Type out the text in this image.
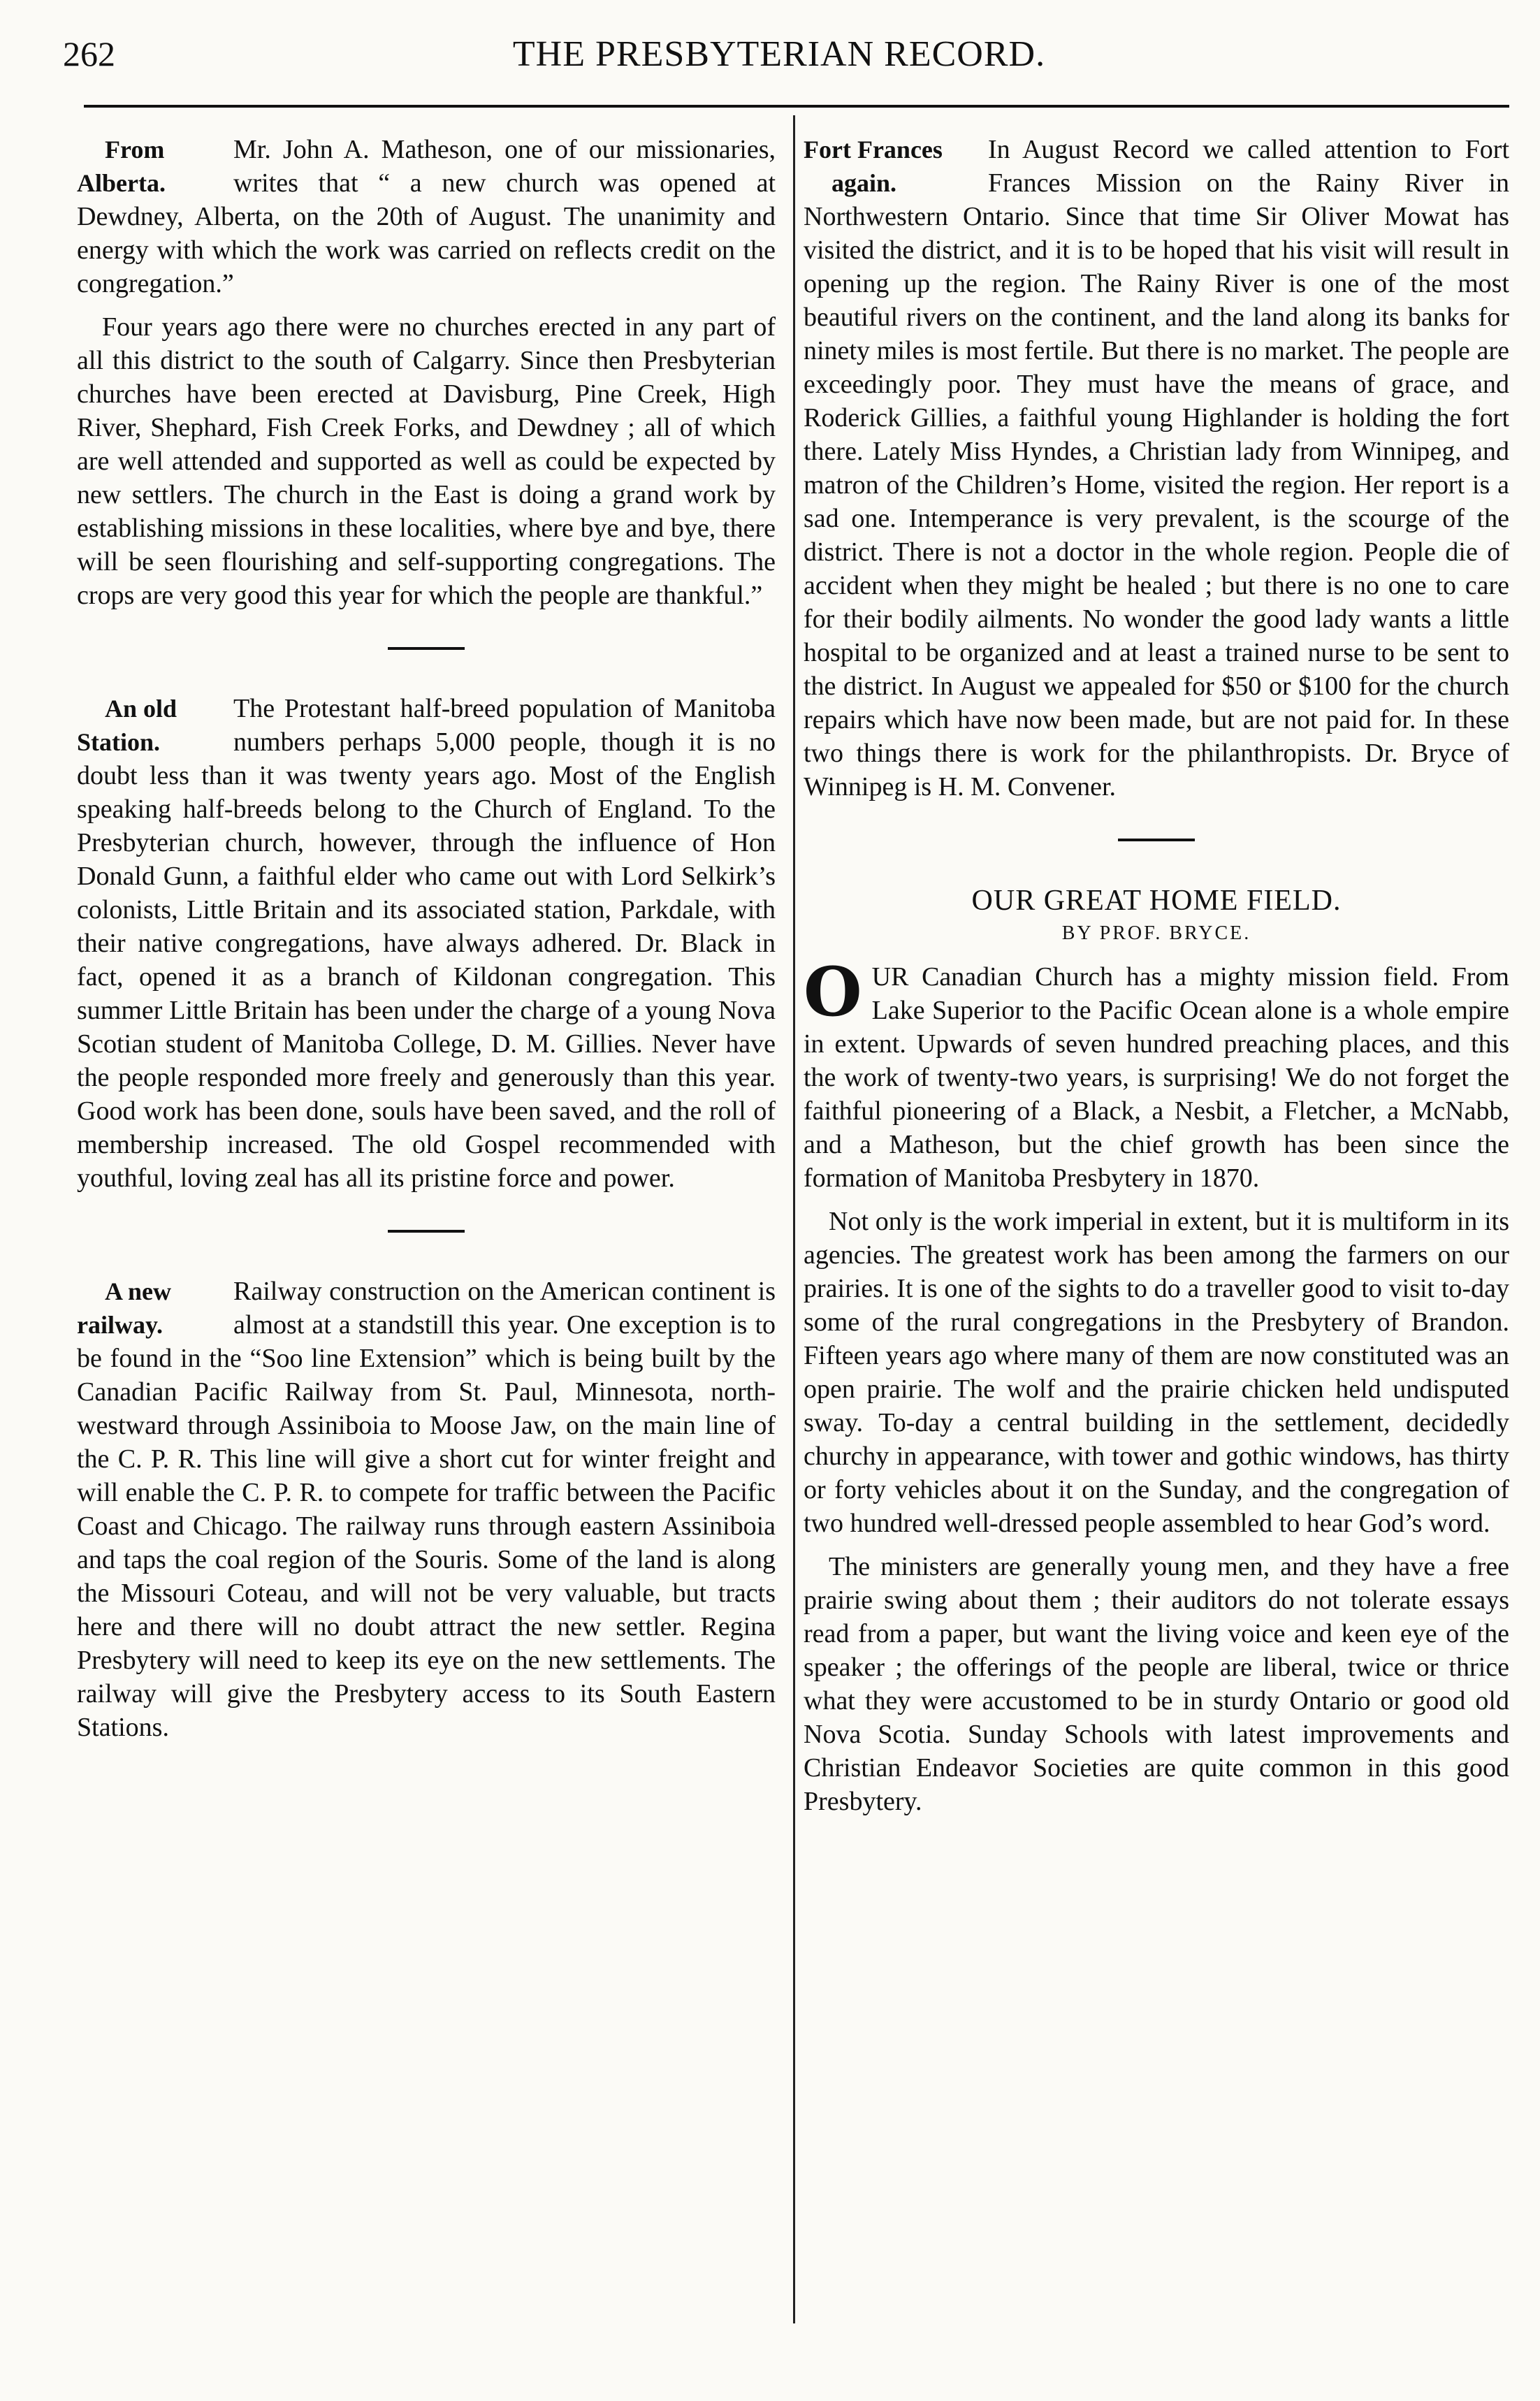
262	THE PRESBYTERIAN RECORD.
From
Alberta.

Mr. John A. Matheson, one of our missionaries, writes that “ a new church was opened at Dewdney, Alberta, on the 20th of August. The unanimity and energy with which the work was carried on reflects credit on the congregation.”

Four years ago there were no churches erected in any part of all this district to the south of Calgarry. Since then Presbyterian churches have been erected at Davisburg, Pine Creek, High River, Shephard, Fish Creek Forks, and Dewdney ; all of which are well attended and supported as well as could be expected by new settlers. The church in the East is doing a grand work by establishing missions in these localities, where bye and bye, there will be seen flourishing and self-supporting congregations. The crops are very good this year for which the people are thankful.”

An old
Station.

The Protestant half-breed population of Manitoba numbers perhaps 5,000 people, though it is no doubt less than it was twenty years ago. Most of the English speaking half-breeds belong to the Church of England. To the Presbyterian church, however, through the influence of Hon Donald Gunn, a faithful elder who came out with Lord Selkirk’s colonists, Little Britain and its associated station, Parkdale, with their native congregations, have always adhered. Dr. Black in fact, opened it as a branch of Kildonan congregation. This summer Little Britain has been under the charge of a young Nova Scotian student of Manitoba College, D. M. Gillies. Never have the people responded more freely and generously than this year. Good work has been done, souls have been saved, and the roll of membership increased. The old Gospel recommended with youthful, loving zeal has all its pristine force and power.

A new
railway.

Railway construction on the American continent is almost at a standstill this year. One exception is to be found in the “Soo line Extension” which is being built by the Canadian Pacific Railway from St. Paul, Minnesota, north-westward through Assiniboia to Moose Jaw, on the main line of the C. P. R. This line will give a short cut for winter freight and will enable the C. P. R. to compete for traffic between the Pacific Coast and Chicago. The railway runs through eastern Assiniboia and taps the coal region of the Souris. Some of the land is along the Missouri Coteau, and will not be very valuable, but tracts here and there will no doubt attract the new settler. Regina Presbytery will need to keep its eye on the new settlements. The railway will give the Presbytery access to its South Eastern Stations.

Fort Frances
again.

In August Record we called attention to Fort Frances Mission on the Rainy River in Northwestern Ontario. Since that time Sir Oliver Mowat has visited the district, and it is to be hoped that his visit will result in opening up the region. The Rainy River is one of the most beautiful rivers on the continent, and the land along its banks for ninety miles is most fertile. But there is no market. The people are exceedingly poor. They must have the means of grace, and Roderick Gillies, a faithful young Highlander is holding the fort there. Lately Miss Hyndes, a Christian lady from Winnipeg, and matron of the Children’s Home, visited the region. Her report is a sad one. Intemperance is very prevalent, is the scourge of the district. There is not a doctor in the whole region. People die of accident when they might be healed ; but there is no one to care for their bodily ailments. No wonder the good lady wants a little hospital to be organized and at least a trained nurse to be sent to the district. In August we appealed for $50 or $100 for the church repairs which have now been made, but are not paid for. In these two things there is work for the philanthropists. Dr. Bryce of Winnipeg is H. M. Convener.

OUR GREAT HOME FIELD.
BY PROF. BRYCE.

OUR Canadian Church has a mighty mission field. From Lake Superior to the Pacific Ocean alone is a whole empire in extent. Upwards of seven hundred preaching places, and this the work of twenty-two years, is surprising! We do not forget the faithful pioneering of a Black, a Nesbit, a Fletcher, a McNabb, and a Matheson, but the chief growth has been since the formation of Manitoba Presbytery in 1870.

Not only is the work imperial in extent, but it is multiform in its agencies. The greatest work has been among the farmers on our prairies. It is one of the sights to do a traveller good to visit to-day some of the rural congregations in the Presbytery of Brandon. Fifteen years ago where many of them are now constituted was an open prairie. The wolf and the prairie chicken held undisputed sway. To-day a central building in the settlement, decidedly churchy in appearance, with tower and gothic windows, has thirty or forty vehicles about it on the Sunday, and the congregation of two hundred well-dressed people assembled to hear God’s word.

The ministers are generally young men, and they have a free prairie swing about them ; their auditors do not tolerate essays read from a paper, but want the living voice and keen eye of the speaker ; the offerings of the people are liberal, twice or thrice what they were accustomed to be in sturdy Ontario or good old Nova Scotia. Sunday Schools with latest improvements and Christian Endeavor Societies are quite common in this good Presbytery.
